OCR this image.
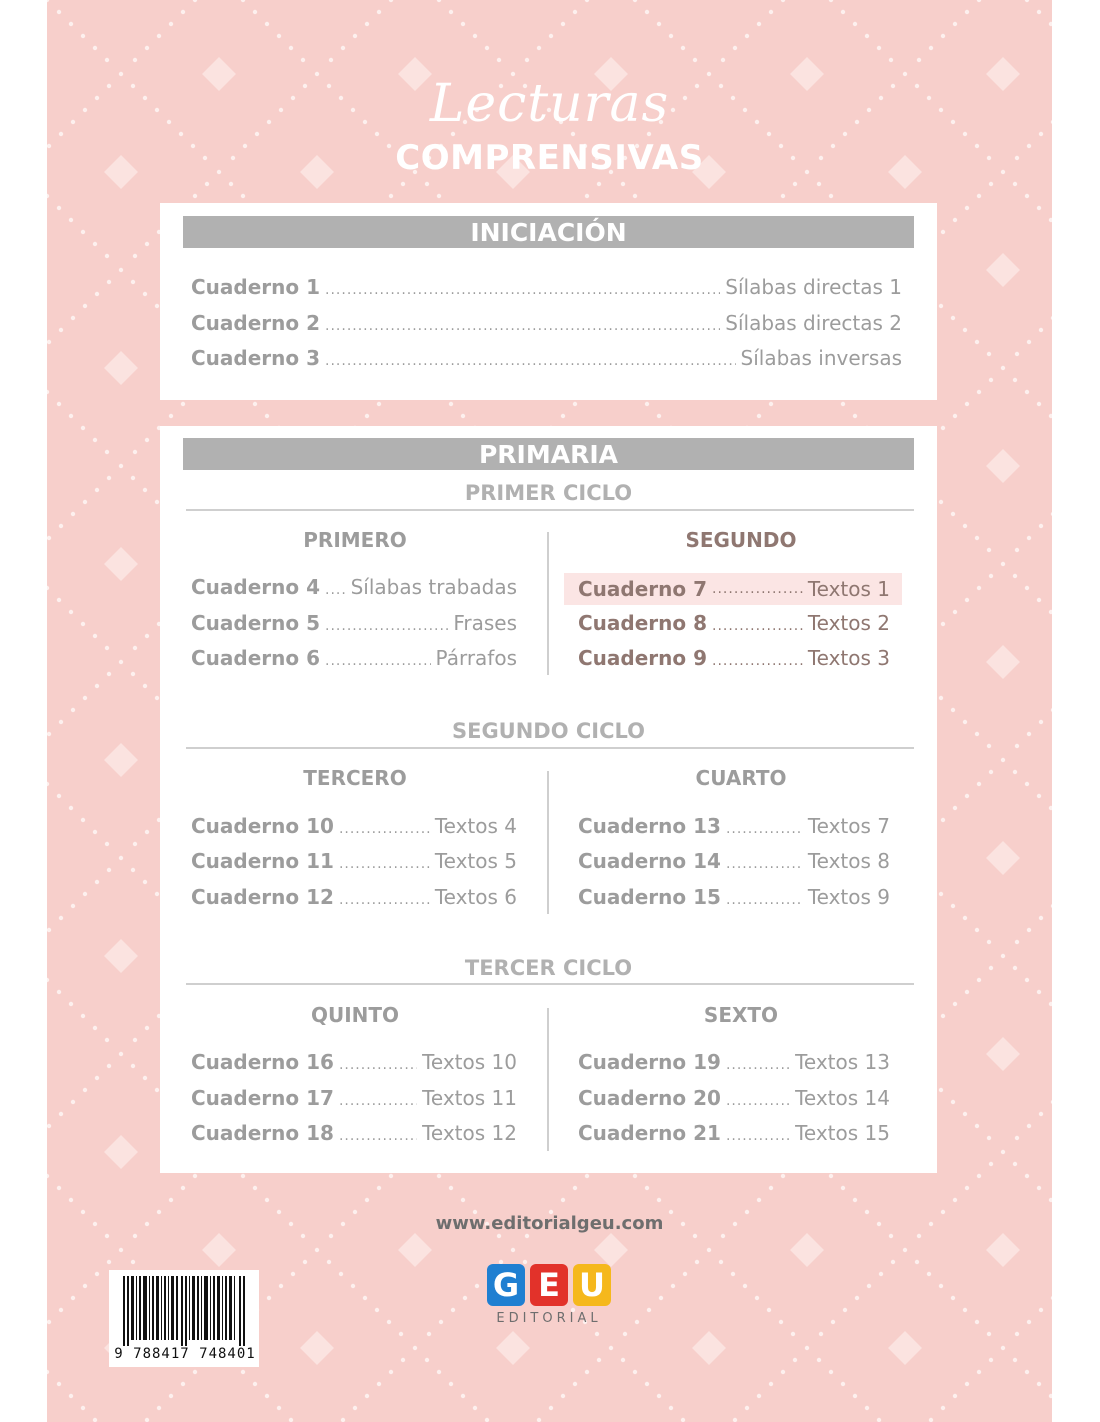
Lecturas
COMPRENSIVAS
INICIACIÓN
Cuaderno 1 .....	Sílabas directas 1
Cuaderno 2 .....	Sílabas directas 2
Cuaderno 3 .....	Sílabas inversas
PRIMARIA
PRIMER CICLO
PRIMERO	SEGUNDO
Cuaderno 4 ..... Sílabas trabadas
Cuaderno 5 .....	Frases
Cuaderno 6 .....	Párrafos
Cuaderno 7 .....	Textos 1
Cuaderno 8 .....	Textos 2
Cuaderno 9 .....	Textos 3
SEGUNDO CICLO
TERCERO	CUARTO
Cuaderno 10 .....	Textos 4
Cuaderno 11 .....	Textos 5
Cuaderno 12 .....	Textos 6
Cuaderno 13 .....	Textos 7
Cuaderno 14 .....	Textos 8
Cuaderno 15 .....	Textos 9
TERCER CICLO
QUINTO	SEXTO
Cuaderno 16 .....	Textos 10
Cuaderno 17 .....	Textos 11
Cuaderno 18 .....	Textos 12
Cuaderno 19 .....	Textos 13
Cuaderno 20 .....	Textos 14
Cuaderno 21 .....	Textos 15
www.editorialgeu.com
G E U
EDITORIAL
9 788417 748401
